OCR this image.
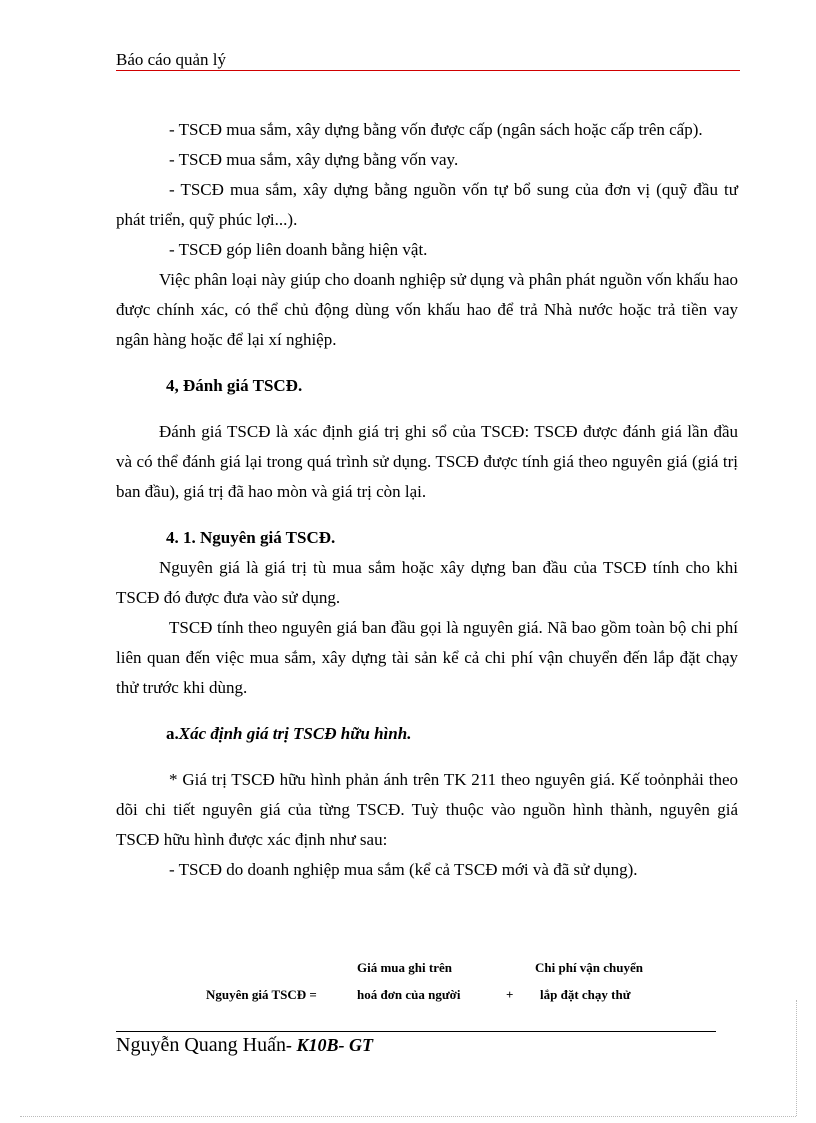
Báo cáo quản lý

- TSCĐ mua sắm, xây dựng bằng vốn được cấp (ngân sách hoặc cấp trên cấp).

- TSCĐ mua sắm, xây dựng bằng vốn vay.

- TSCĐ mua sắm, xây dựng bằng nguồn vốn tự bổ sung của đơn vị (quỹ đầu tư phát triển, quỹ phúc lợi...).

- TSCĐ góp liên doanh bằng hiện vật.

Việc phân loại này giúp cho doanh nghiệp sử dụng và phân phát nguồn vốn khấu hao được chính xác, có thể chủ động dùng vốn khấu hao để trả Nhà nước hoặc trả tiền vay ngân hàng hoặc để lại xí nghiệp.

4, Đánh giá TSCĐ.

Đánh giá TSCĐ là xác định giá trị ghi sổ của TSCĐ: TSCĐ được đánh giá lần đầu và có thể đánh giá lại trong quá trình sử dụng. TSCĐ được tính giá theo nguyên giá (giá trị ban đầu), giá trị đã hao mòn và giá trị còn lại.

4. 1. Nguyên giá TSCĐ.

Nguyên giá là giá trị tù mua sắm hoặc xây dựng ban đầu của TSCĐ tính cho khi TSCĐ đó được đưa vào sử dụng.

TSCĐ tính theo nguyên giá ban đầu gọi là nguyên giá. Nã bao gồm toàn bộ chi phí liên quan đến việc mua sắm, xây dựng tài sản kể cả chi phí vận chuyển đến lắp đặt chạy thử trước khi dùng.

a.Xác định giá trị TSCĐ hữu hình.

* Giá trị TSCĐ hữu hình phản ánh trên TK 211 theo nguyên giá. Kế toỏnphải theo dõi chi tiết nguyên giá của từng TSCĐ. Tuỳ thuộc vào nguồn hình thành, nguyên giá TSCĐ hữu hình được xác định như sau:

- TSCĐ do doanh nghiệp mua sắm (kể cả TSCĐ mới và đã sử dụng).

Giá mua ghi trên	Chi phí vận chuyển
Nguyên giá TSCĐ =	hoá đơn của người	+ lắp đặt chạy thử
Nguyễn Quang Huấn- K10B- GT
